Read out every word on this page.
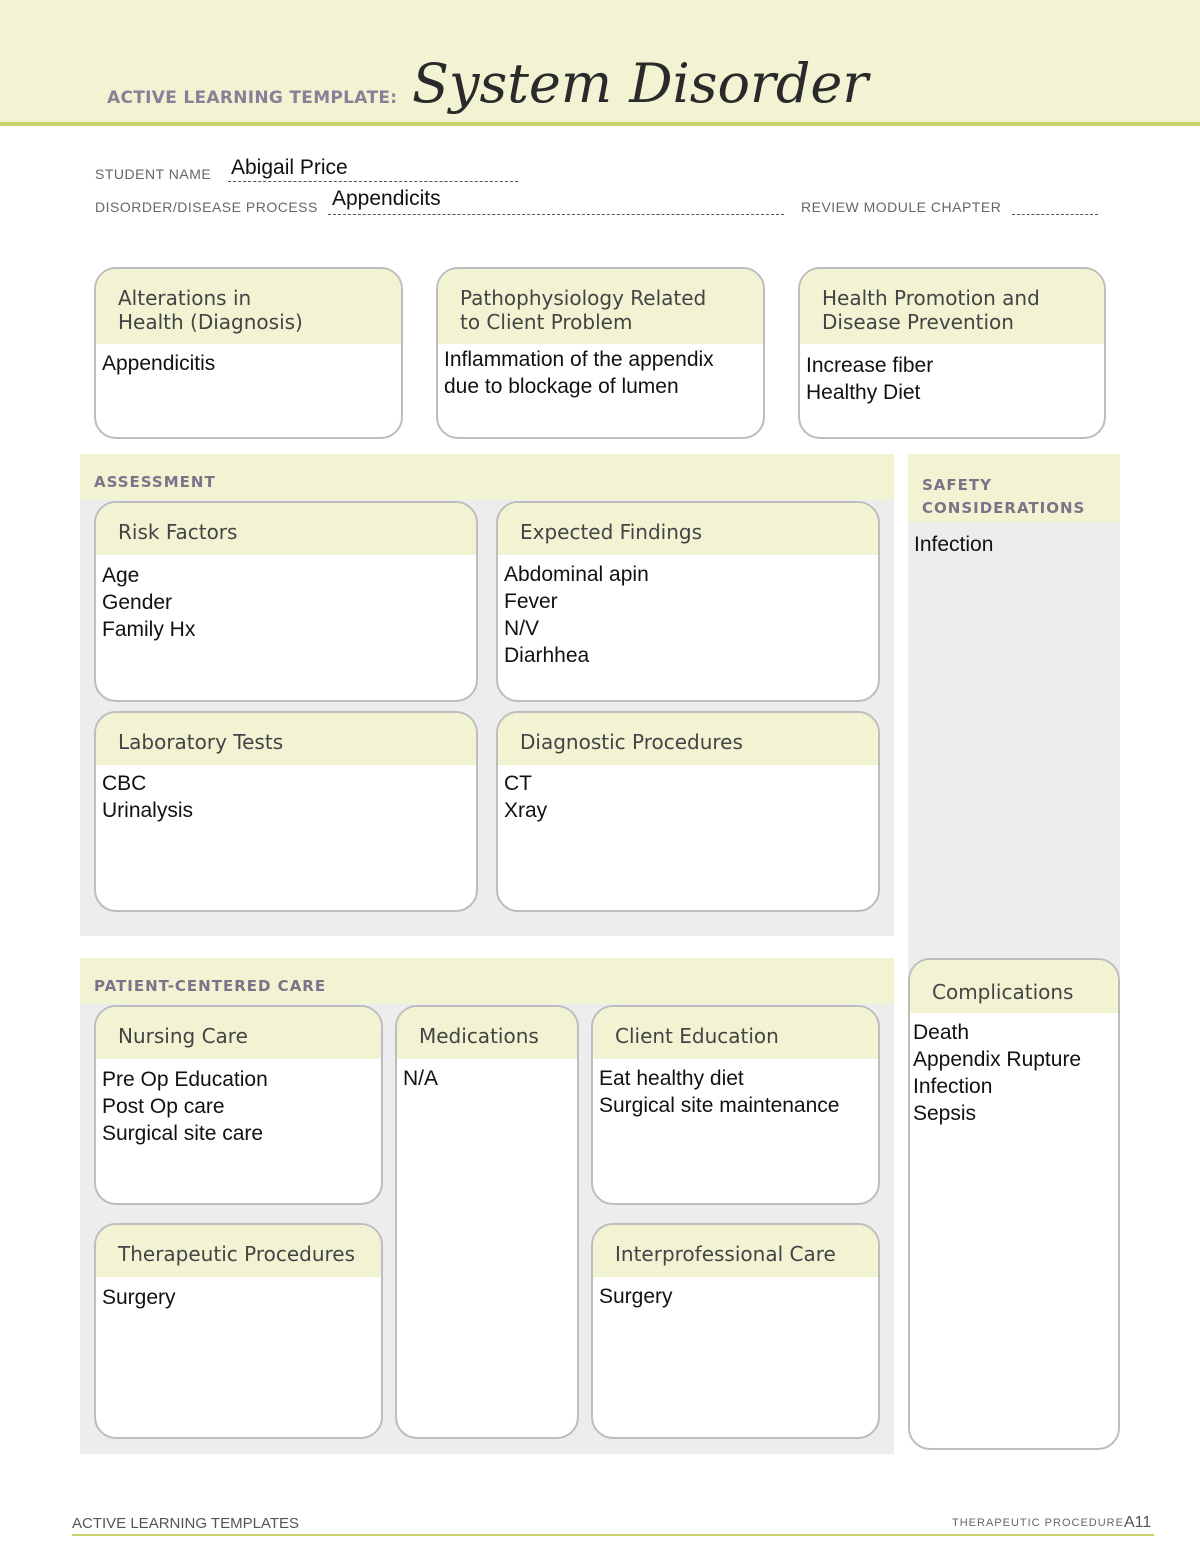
ACTIVE LEARNING TEMPLATE: System Disorder
STUDENT NAME Abigail Price
DISORDER/DISEASE PROCESS Appendicits	REVIEW MODULE CHAPTER
Alterations in
Health (Diagnosis)
Appendicitis
Pathophysiology Related
to Client Problem
Inflammation of the appendix
due to blockage of lumen
Health Promotion and
Disease Prevention
Increase fiber
Healthy Diet
ASSESSMENT
Risk Factors
Age
Gender
Family Hx
Expected Findings
Abdominal apin
Fever
N/V
Diarhhea
Laboratory Tests
CBC
Urinalysis
Diagnostic Procedures
CT
Xray
SAFETY
CONSIDERATIONS
Infection
Complications
Death
Appendix Rupture
Infection
Sepsis
PATIENT-CENTERED CARE
Nursing Care
Pre Op Education
Post Op care
Surgical site care
Medications
N/A
Client Education
Eat healthy diet
Surgical site maintenance
Therapeutic Procedures
Surgery
Interprofessional Care
Surgery
ACTIVE LEARNING TEMPLATES	THERAPEUTIC PROCEDURE A11
